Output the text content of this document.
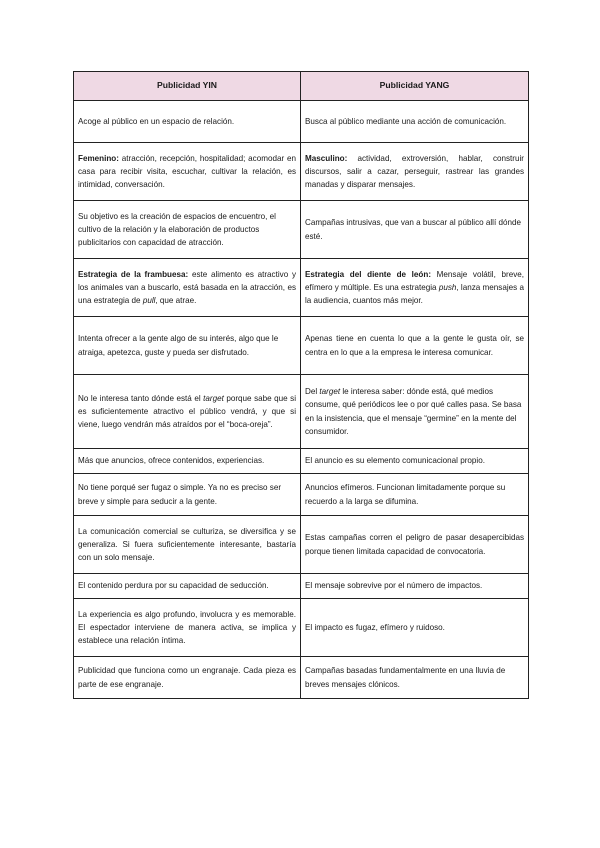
Publicidad YIN	Publicidad YANG
Acoge al público en un espacio de relación.	Busca al público mediante una acción de comunicación.
Femenino: atracción, recepción, hospitalidad; acomodar en casa para recibir visita, escuchar, cultivar la relación, es intimidad, conversación.	Masculino: actividad, extroversión, hablar, construir discursos, salir a cazar, perseguir, rastrear las grandes manadas y disparar mensajes.
Su objetivo es la creación de espacios de encuentro, el cultivo de la relación y la elaboración de productos publicitarios con capacidad de atracción.	Campañas intrusivas, que van a buscar al público allí dónde esté.
Estrategia de la frambuesa: este alimento es atractivo y los animales van a buscarlo, está basada en la atracción, es una estrategia de pull, que atrae.	Estrategia del diente de león: Mensaje volátil, breve, efímero y múltiple. Es una estrategia push, lanza mensajes a la audiencia, cuantos más mejor.
Intenta ofrecer a la gente algo de su interés, algo que le atraiga, apetezca, guste y pueda ser disfrutado.	Apenas tiene en cuenta lo que a la gente le gusta oír, se centra en lo que a la empresa le interesa comunicar.
No le interesa tanto dónde está el target porque sabe que si es suficientemente atractivo el público vendrá, y que si viene, luego vendrán más atraídos por el “boca-oreja”.	Del target le interesa saber: dónde está, qué medios consume, qué periódicos lee o por qué calles pasa. Se basa en la insistencia, que el mensaje “germine” en la mente del consumidor.
Más que anuncios, ofrece contenidos, experiencias.	El anuncio es su elemento comunicacional propio.
No tiene porqué ser fugaz o simple. Ya no es preciso ser breve y simple para seducir a la gente.	Anuncios efímeros. Funcionan limitadamente porque su recuerdo a la larga se difumina.
La comunicación comercial se culturiza, se diversifica y se generaliza. Si fuera suficientemente interesante, bastaría con un solo mensaje.	Estas campañas corren el peligro de pasar desapercibidas porque tienen limitada capacidad de convocatoria.
El contenido perdura por su capacidad de seducción.	El mensaje sobrevive por el número de impactos.
La experiencia es algo profundo, involucra y es memorable. El espectador interviene de manera activa, se implica y establece una relación íntima.	El impacto es fugaz, efímero y ruidoso.
Publicidad que funciona como un engranaje. Cada pieza es parte de ese engranaje.	Campañas basadas fundamentalmente en una lluvia de breves mensajes clónicos.
